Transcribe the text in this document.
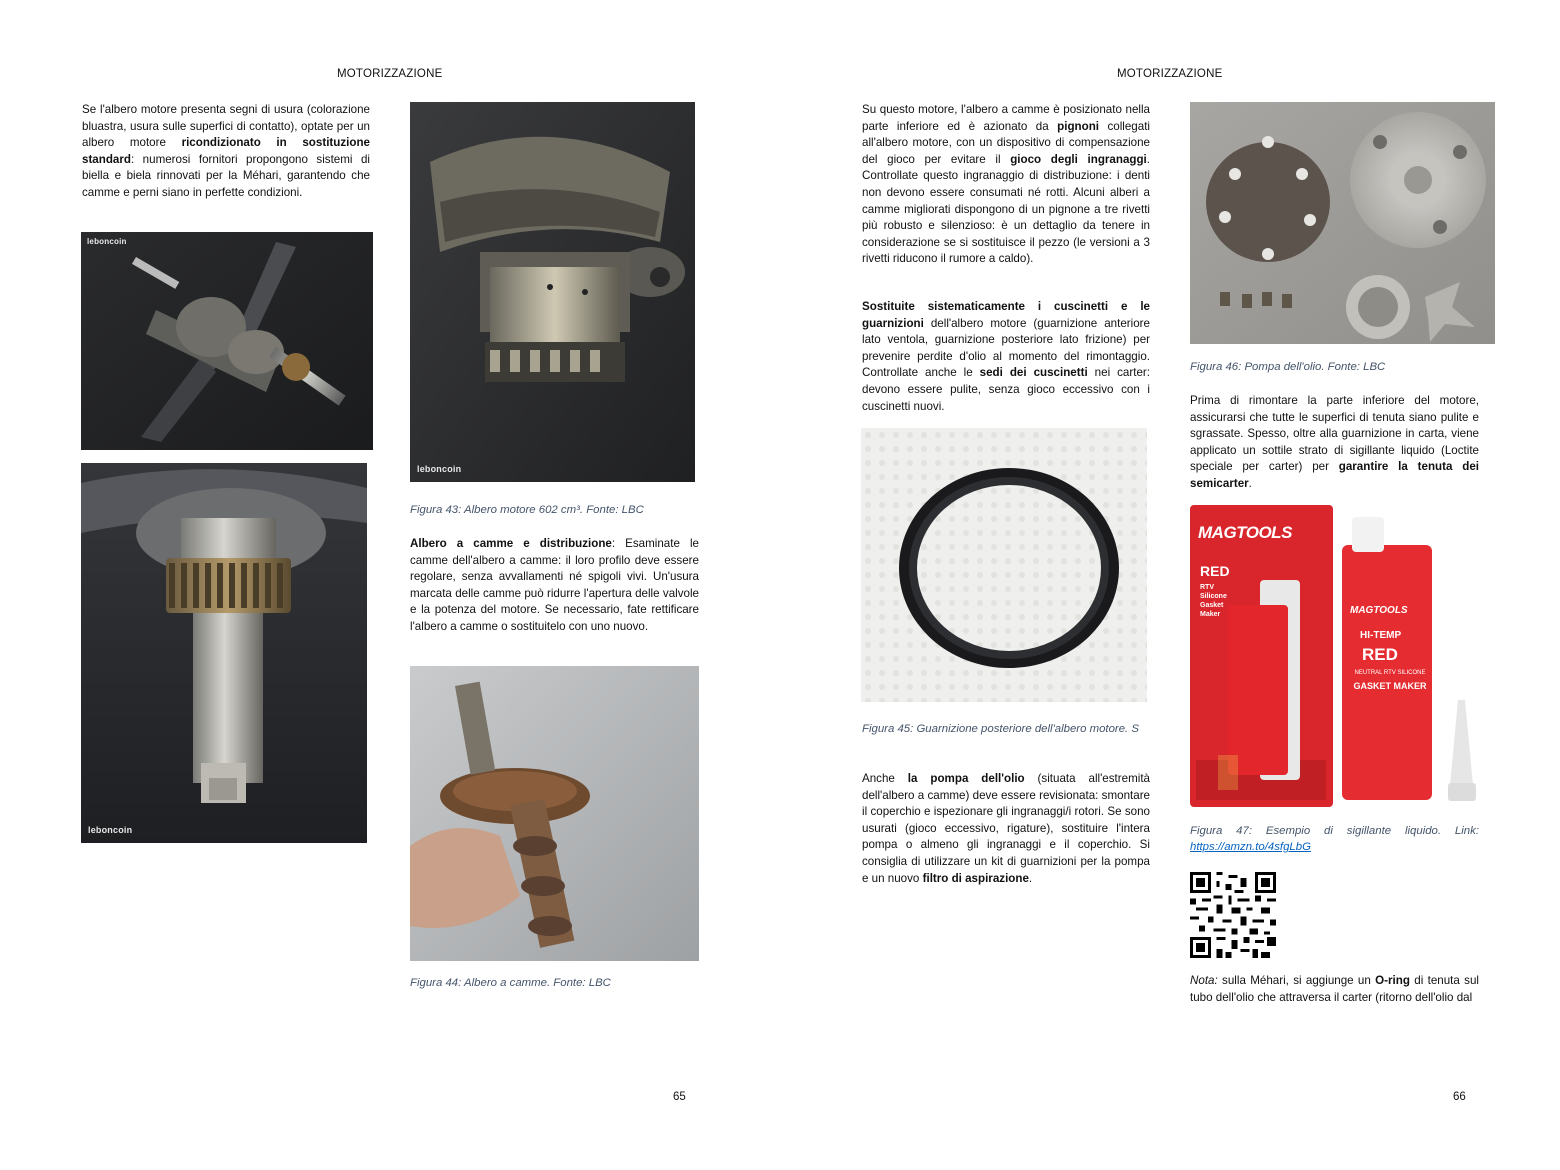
MOTORIZZAZIONE

Se l'albero motore presenta segni di usura (colorazione bluastra, usura sulle superfici di contatto), optate per un albero motore ricondizionato in sostituzione standard: numerosi fornitori propongono sistemi di biella e biela rinnovati per la Méhari, garantendo che camme e perni siano in perfette condizioni.

leboncoin
leboncoin
leboncoin
Figura 43: Albero motore 602 cm³. Fonte: LBC

Albero a camme e distribuzione: Esaminate le camme dell'albero a camme: il loro profilo deve essere regolare, senza avvallamenti né spigoli vivi. Un'usura marcata delle camme può ridurre l'apertura delle valvole e la potenza del motore. Se necessario, fate rettificare l'albero a camme o sostituitelo con uno nuovo.

Figura 44: Albero a camme. Fonte: LBC
65
MOTORIZZAZIONE

Su questo motore, l'albero a camme è posizionato nella parte inferiore ed è azionato da pignoni collegati all'albero motore, con un dispositivo di compensazione del gioco per evitare il gioco degli ingranaggi. Controllate questo ingranaggio di distribuzione: i denti non devono essere consumati né rotti. Alcuni alberi a camme migliorati dispongono di un pignone a tre rivetti più robusto e silenzioso: è un dettaglio da tenere in considerazione se si sostituisce il pezzo (le versioni a 3 rivetti riducono il rumore a caldo).

Sostituite sistematicamente i cuscinetti e le guarnizioni dell'albero motore (guarnizione anteriore lato ventola, guarnizione posteriore lato frizione) per prevenire perdite d'olio al momento del rimontaggio. Controllate anche le sedi dei cuscinetti nei carter: devono essere pulite, senza gioco eccessivo con i cuscinetti nuovi.

Figura 45: Guarnizione posteriore dell'albero motore. S

Anche la pompa dell'olio (situata all'estremità dell'albero a camme) deve essere revisionata: smontare il coperchio e ispezionare gli ingranaggi/i rotori. Se sono usurati (gioco eccessivo, rigature), sostituire l'intera pompa o almeno gli ingranaggi e il coperchio. Si consiglia di utilizzare un kit di guarnizioni per la pompa e un nuovo filtro di aspirazione.

Figura 46: Pompa dell'olio. Fonte: LBC

Prima di rimontare la parte inferiore del motore, assicurarsi che tutte le superfici di tenuta siano pulite e sgrassate. Spesso, oltre alla guarnizione in carta, viene applicato un sottile strato di sigillante liquido (Loctite speciale per carter) per garantire la tenuta dei semicarter.

MAGTOOLS
RED
RTV Silicone Gasket Maker	MAGTOOLS
HI-TEMP
RED
NEUTRAL RTV SILICONE
GASKET MAKER
Figura 47: Esempio di sigillante liquido. Link: https://amzn.to/4sfgLbG

Nota: sulla Méhari, si aggiunge un O-ring di tenuta sul tubo dell'olio che attraversa il carter (ritorno dell'olio dal

66
